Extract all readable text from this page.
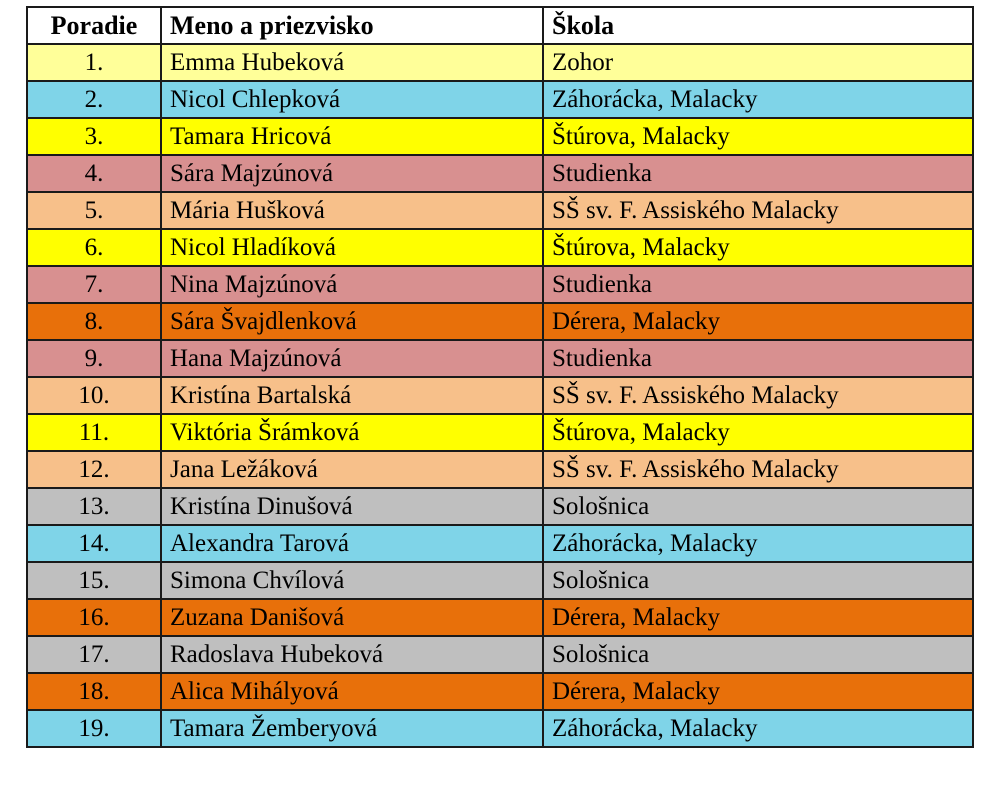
Poradie	Meno a priezvisko	Škola
1.	Emma Hubeková	Zohor
2.	Nicol Chlepková	Záhorácka, Malacky
3.	Tamara Hricová	Štúrova, Malacky
4.	Sára Majzúnová	Studienka
5.	Mária Hušková	SŠ sv. F. Assiského Malacky
6.	Nicol Hladíková	Štúrova, Malacky
7.	Nina Majzúnová	Studienka
8.	Sára Švajdlenková	Dérera, Malacky
9.	Hana Majzúnová	Studienka
10.	Kristína Bartalská	SŠ sv. F. Assiského Malacky
11.	Viktória Šrámková	Štúrova, Malacky
12.	Jana Ležáková	SŠ sv. F. Assiského Malacky
13.	Kristína Dinušová	Sološnica
14.	Alexandra Tarová	Záhorácka, Malacky
15.	Simona Chvílová	Sološnica
16.	Zuzana Danišová	Dérera, Malacky
17.	Radoslava Hubeková	Sološnica
18.	Alica Mihályová	Dérera, Malacky
19.	Tamara Žemberyová	Záhorácka, Malacky
